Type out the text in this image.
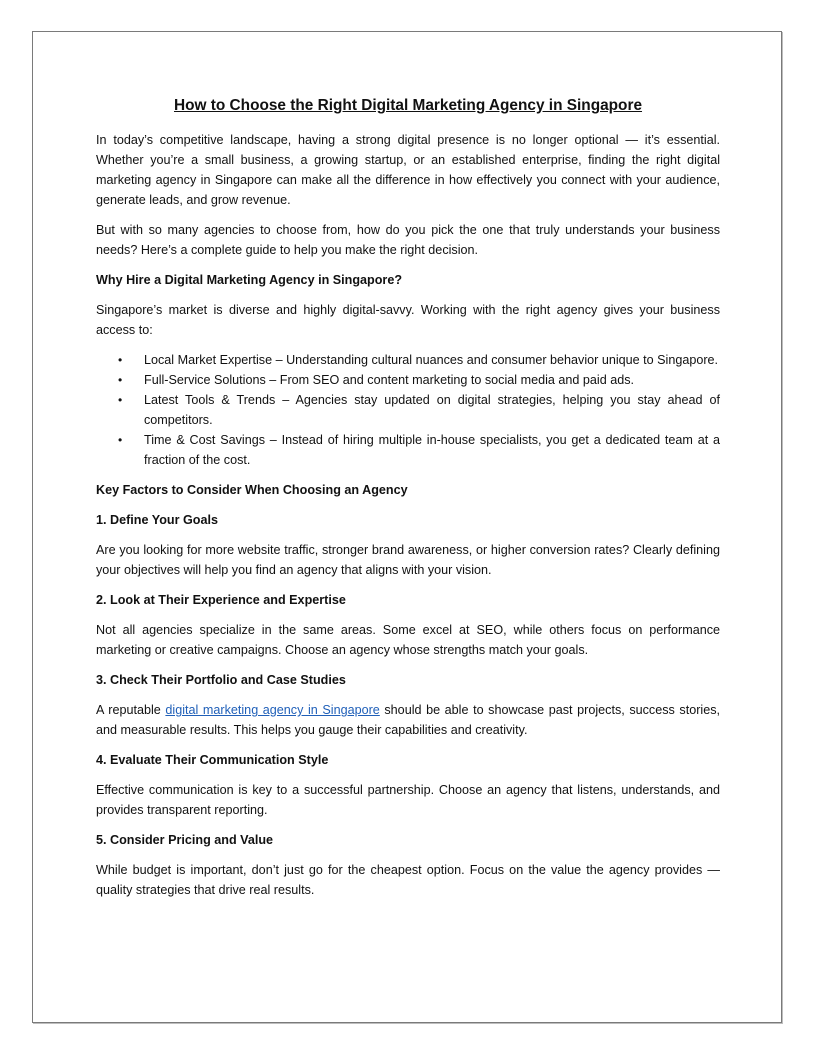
How to Choose the Right Digital Marketing Agency in Singapore

In today’s competitive landscape, having a strong digital presence is no longer optional — it’s essential. Whether you’re a small business, a growing startup, or an established enterprise, finding the right digital marketing agency in Singapore can make all the difference in how effectively you connect with your audience, generate leads, and grow revenue.

But with so many agencies to choose from, how do you pick the one that truly understands your business needs? Here’s a complete guide to help you make the right decision.

Why Hire a Digital Marketing Agency in Singapore?

Singapore’s market is diverse and highly digital-savvy. Working with the right agency gives your business access to:

• Local Market Expertise – Understanding cultural nuances and consumer behavior unique to Singapore.
• Full-Service Solutions – From SEO and content marketing to social media and paid ads.
• Latest Tools & Trends – Agencies stay updated on digital strategies, helping you stay ahead of competitors.
• Time & Cost Savings – Instead of hiring multiple in-house specialists, you get a dedicated team at a fraction of the cost.
Key Factors to Consider When Choosing an Agency
1. Define Your Goals

Are you looking for more website traffic, stronger brand awareness, or higher conversion rates? Clearly defining your objectives will help you find an agency that aligns with your vision.

2. Look at Their Experience and Expertise

Not all agencies specialize in the same areas. Some excel at SEO, while others focus on performance marketing or creative campaigns. Choose an agency whose strengths match your goals.

3. Check Their Portfolio and Case Studies

A reputable digital marketing agency in Singapore should be able to showcase past projects, success stories, and measurable results. This helps you gauge their capabilities and creativity.

4. Evaluate Their Communication Style

Effective communication is key to a successful partnership. Choose an agency that listens, understands, and provides transparent reporting.

5. Consider Pricing and Value

While budget is important, don’t just go for the cheapest option. Focus on the value the agency provides — quality strategies that drive real results.
